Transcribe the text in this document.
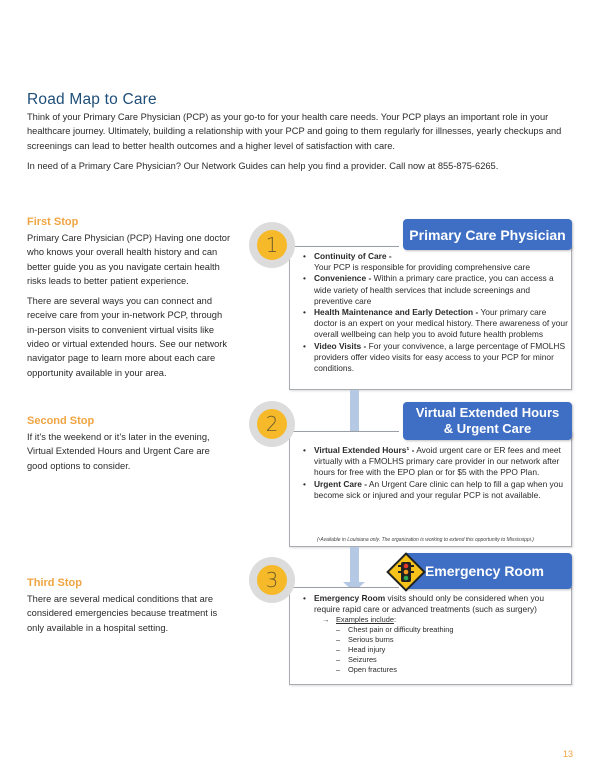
Road Map to Care

Think of your Primary Care Physician (PCP) as your go-to for your health care needs. Your PCP plays an important role in your healthcare journey. Ultimately, building a relationship with your PCP and going to them regularly for illnesses, yearly checkups and screenings can lead to better health outcomes and a higher level of satisfaction with care.

In need of a Primary Care Physician? Our Network Guides can help you find a provider. Call now at 855-875-6265.

First Stop

Primary Care Physician (PCP) Having one doctor who knows your overall health history and can better guide you as you navigate certain health risks leads to better patient experience.

There are several ways you can connect and receive care from your in-network PCP, through in-person visits to convenient virtual visits like video or virtual extended hours. See our network navigator page to learn more about each care opportunity available in your area.

Second Stop

If it’s the weekend or it’s later in the evening, Virtual Extended Hours and Urgent Care are good options to consider.

Third Stop

There are several medical conditions that are considered emergencies because treatment is only available in a hospital setting.

1	Primary Care Physician
• Continuity of Care -
Your PCP is responsible for providing comprehensive care
• Convenience - Within a primary care practice, you can access a wide variety of health services that include screenings and preventive care
• Health Maintenance and Early Detection - Your primary care doctor is an expert on your medical history. There awareness of your overall wellbeing can help you to avoid future health problems
• Video Visits - For your convivence, a large percentage of FMOLHS providers offer video visits for easy access to your PCP for minor conditions.
2	Virtual Extended Hours
& Urgent Care
• Virtual Extended Hours¹ - Avoid urgent care or ER fees and meet virtually with a FMOLHS primary care provider in our network after hours for free with the EPO plan or for $5 with the PPO Plan.
• Urgent Care - An Urgent Care clinic can help to fill a gap when you become sick or injured and your regular PCP is not available.
(¹Available in Louisiana only. The organization is working to extend this opportunity to Mississippi.)
3	Emergency Room
• Emergency Room visits should only be considered when you require rapid care or advanced treatments (such as surgery)
→ Examples include:
– Chest pain or difficulty breathing
– Serious burns
– Head injury
– Seizures
– Open fractures
13
